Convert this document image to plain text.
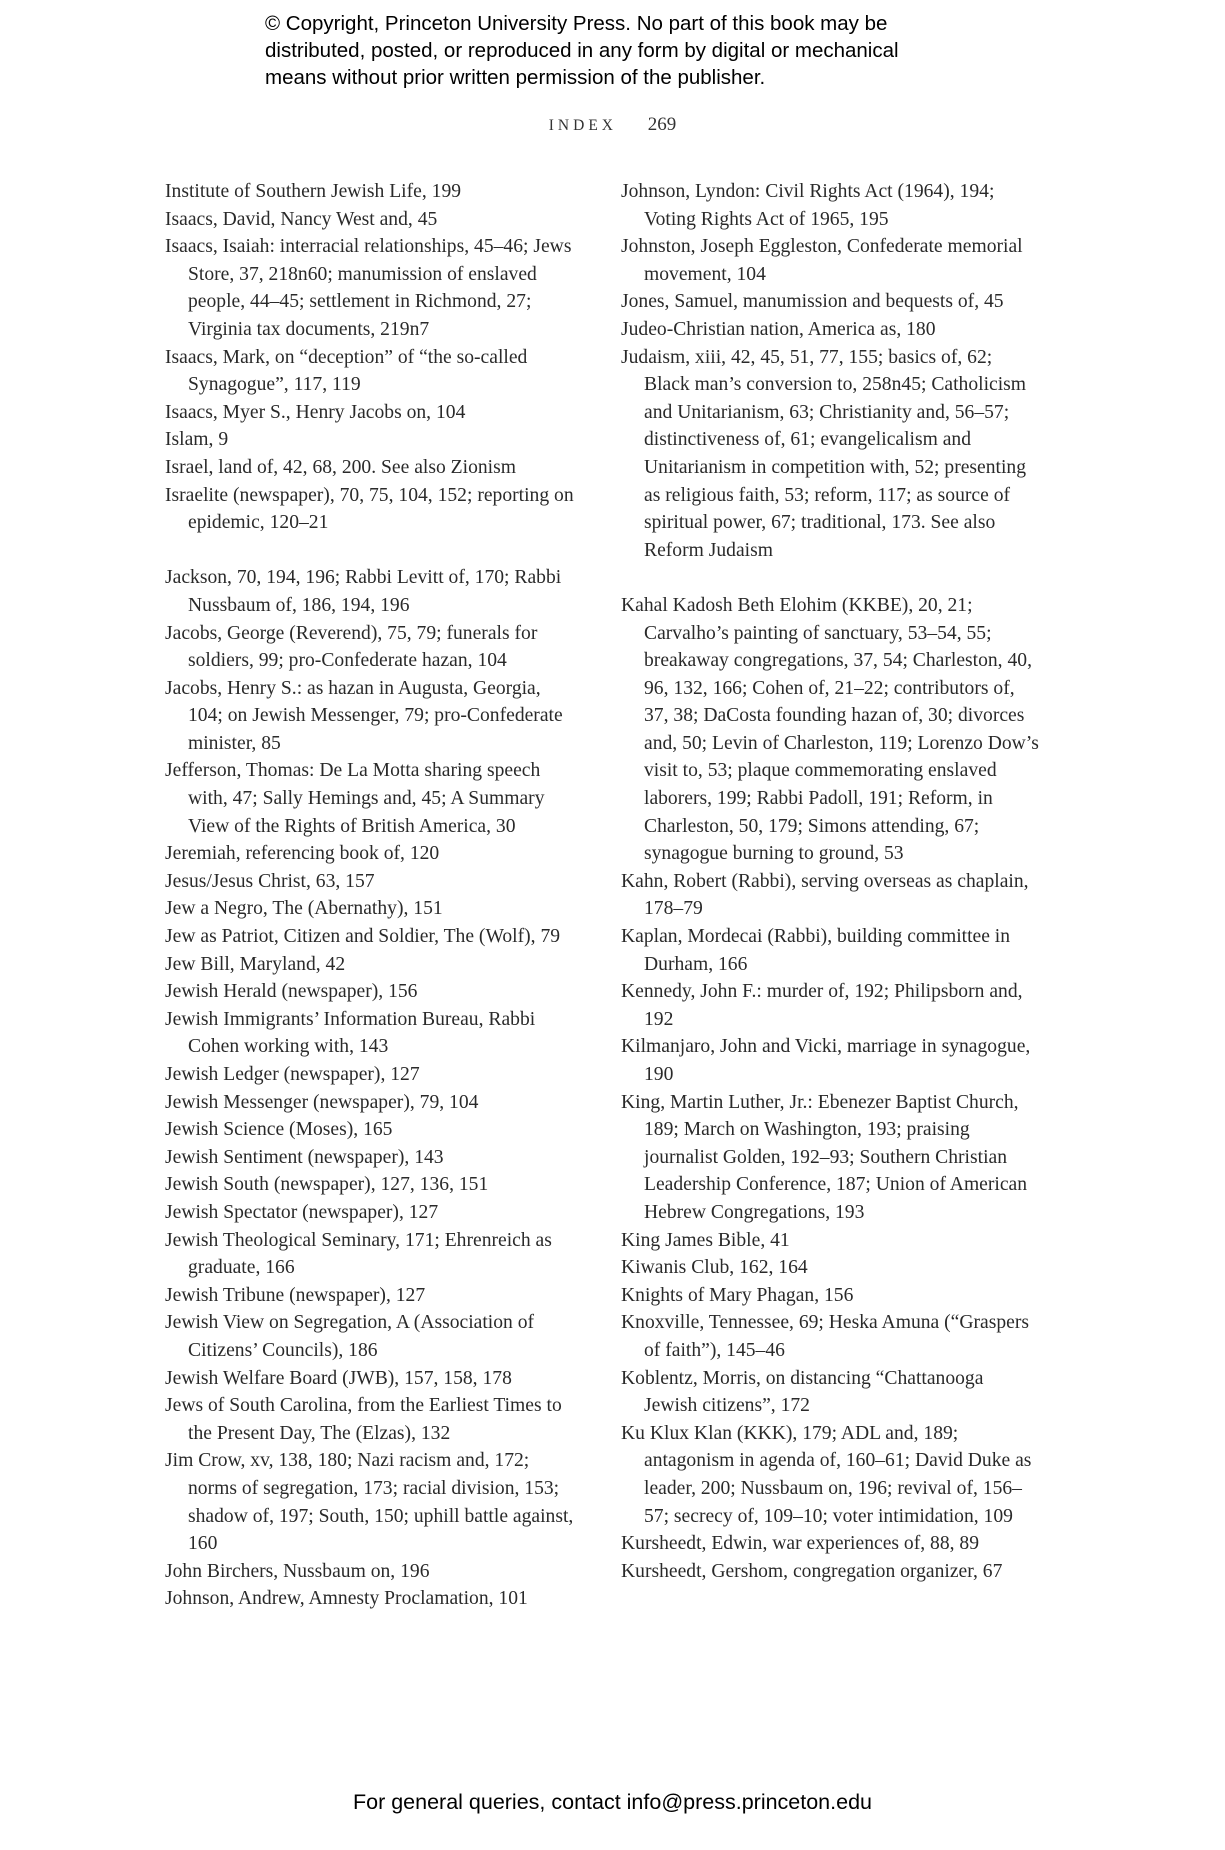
© Copyright, Princeton University Press. No part of this book may be
distributed, posted, or reproduced in any form by digital or mechanical
means without prior written permission of the publisher.
INDEX 269
Institute of Southern Jewish Life, 199
Isaacs, David, Nancy West and, 45
Isaacs, Isaiah: interracial relationships, 45–46; Jews Store, 37, 218n60; manumission of enslaved people, 44–45; settlement in Richmond, 27; Virginia tax documents, 219n7
Isaacs, Mark, on “deception” of “the so-called Synagogue”, 117, 119
Isaacs, Myer S., Henry Jacobs on, 104
Islam, 9
Israel, land of, 42, 68, 200. See also Zionism
Israelite (newspaper), 70, 75, 104, 152; reporting on epidemic, 120–21
Jackson, 70, 194, 196; Rabbi Levitt of, 170; Rabbi Nussbaum of, 186, 194, 196
Jacobs, George (Reverend), 75, 79; funerals for soldiers, 99; pro-Confederate hazan, 104
Jacobs, Henry S.: as hazan in Augusta, Georgia, 104; on Jewish Messenger, 79; pro-Confederate minister, 85
Jefferson, Thomas: De La Motta sharing speech with, 47; Sally Hemings and, 45; A Summary View of the Rights of British America, 30
Jeremiah, referencing book of, 120
Jesus/Jesus Christ, 63, 157
Jew a Negro, The (Abernathy), 151
Jew as Patriot, Citizen and Soldier, The (Wolf), 79
Jew Bill, Maryland, 42
Jewish Herald (newspaper), 156
Jewish Immigrants’ Information Bureau, Rabbi Cohen working with, 143
Jewish Ledger (newspaper), 127
Jewish Messenger (newspaper), 79, 104
Jewish Science (Moses), 165
Jewish Sentiment (newspaper), 143
Jewish South (newspaper), 127, 136, 151
Jewish Spectator (newspaper), 127
Jewish Theological Seminary, 171; Ehrenreich as graduate, 166
Jewish Tribune (newspaper), 127
Jewish View on Segregation, A (Association of Citizens’ Councils), 186
Jewish Welfare Board (JWB), 157, 158, 178
Jews of South Carolina, from the Earliest Times to the Present Day, The (Elzas), 132
Jim Crow, xv, 138, 180; Nazi racism and, 172; norms of segregation, 173; racial division, 153; shadow of, 197; South, 150; uphill battle against, 160
John Birchers, Nussbaum on, 196
Johnson, Andrew, Amnesty Proclamation, 101
Johnson, Lyndon: Civil Rights Act (1964), 194; Voting Rights Act of 1965, 195
Johnston, Joseph Eggleston, Confederate memorial movement, 104
Jones, Samuel, manumission and bequests of, 45
Judeo-Christian nation, America as, 180
Judaism, xiii, 42, 45, 51, 77, 155; basics of, 62; Black man’s conversion to, 258n45; Catholicism and Unitarianism, 63; Christianity and, 56–57; distinctiveness of, 61; evangelicalism and Unitarianism in competition with, 52; presenting as religious faith, 53; reform, 117; as source of spiritual power, 67; traditional, 173. See also Reform Judaism
Kahal Kadosh Beth Elohim (KKBE), 20, 21; Carvalho’s painting of sanctuary, 53–54, 55; breakaway congregations, 37, 54; Charleston, 40, 96, 132, 166; Cohen of, 21–22; contributors of, 37, 38; DaCosta founding hazan of, 30; divorces and, 50; Levin of Charleston, 119; Lorenzo Dow’s visit to, 53; plaque commemorating enslaved laborers, 199; Rabbi Padoll, 191; Reform, in Charleston, 50, 179; Simons attending, 67; synagogue burning to ground, 53
Kahn, Robert (Rabbi), serving overseas as chaplain, 178–79
Kaplan, Mordecai (Rabbi), building committee in Durham, 166
Kennedy, John F.: murder of, 192; Philipsborn and, 192
Kilmanjaro, John and Vicki, marriage in synagogue, 190
King, Martin Luther, Jr.: Ebenezer Baptist Church, 189; March on Washington, 193; praising journalist Golden, 192–93; Southern Christian Leadership Conference, 187; Union of American Hebrew Congregations, 193
King James Bible, 41
Kiwanis Club, 162, 164
Knights of Mary Phagan, 156
Knoxville, Tennessee, 69; Heska Amuna (“Graspers of faith”), 145–46
Koblentz, Morris, on distancing “Chattanooga Jewish citizens”, 172
Ku Klux Klan (KKK), 179; ADL and, 189; antagonism in agenda of, 160–61; David Duke as leader, 200; Nussbaum on, 196; revival of, 156–57; secrecy of, 109–10; voter intimidation, 109
Kursheedt, Edwin, war experiences of, 88, 89
Kursheedt, Gershom, congregation organizer, 67
For general queries, contact info@press.princeton.edu
